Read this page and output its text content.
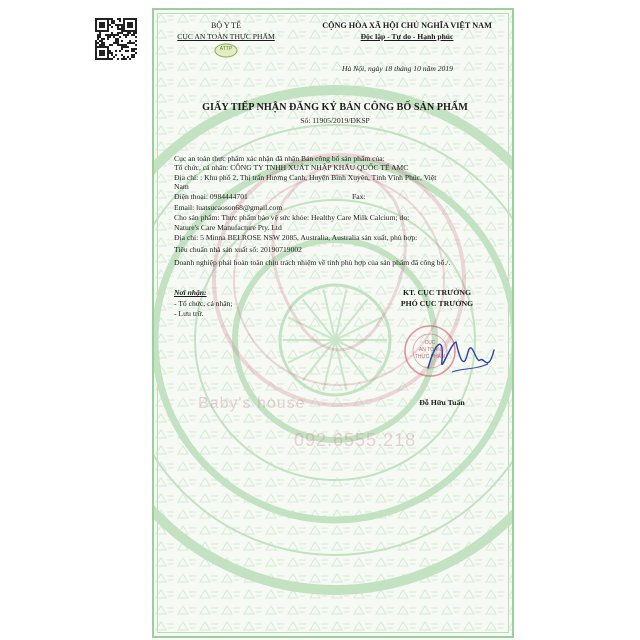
BỘ Y TẾ
CỤC AN TOÀN THỰC PHẨM
ATTP
CỘNG HÒA XÃ HỘI CHỦ NGHĨA VIỆT NAM
Độc lập - Tự do - Hạnh phúc
Hà Nội, ngày 18 tháng 10 năm 2019
GIẤY TIẾP NHẬN ĐĂNG KÝ BẢN CÔNG BỐ SẢN PHẨM
Số: 11905/2019/ĐKSP
Cục an toàn thực phẩm xác nhận đã nhận Bản công bố sản phẩm của:
Tổ chức, cá nhân: CÔNG TY TNHH XUẤT NHẬP KHẨU QUỐC TẾ AMC
Địa chỉ: : Khu phố 2, Thị trấn Hương Canh, Huyện Bình Xuyên, Tỉnh Vĩnh Phúc, Việt
Nam
Điện thoại: 0984444701	Fax:
Email: luatsucaoson68@gmail.com
Cho sản phẩm: Thực phẩm bảo vệ sức khỏe: Healthy Care Milk Calcium; do:
Nature's Care Manufacture Pty. Ltd
Địa chỉ: 5 Minna BELROSE NSW 2085, Australia, Australia sản xuất, phù hợp:
Tiêu chuẩn nhà sản xuất số: 20190719002
Doanh nghiệp phải hoàn toàn chịu trách nhiệm về tính phù hợp của sản phẩm đã công bố./.
Nơi nhận:
- Tổ chức, cá nhân;
- Lưu trữ.
KT. CỤC TRƯỞNG
PHÓ CỤC TRƯỞNG
CỤC
AN TOÀN
THỰC PHẨM
Đỗ Hữu Tuấn
Baby's house
092.6555.218
